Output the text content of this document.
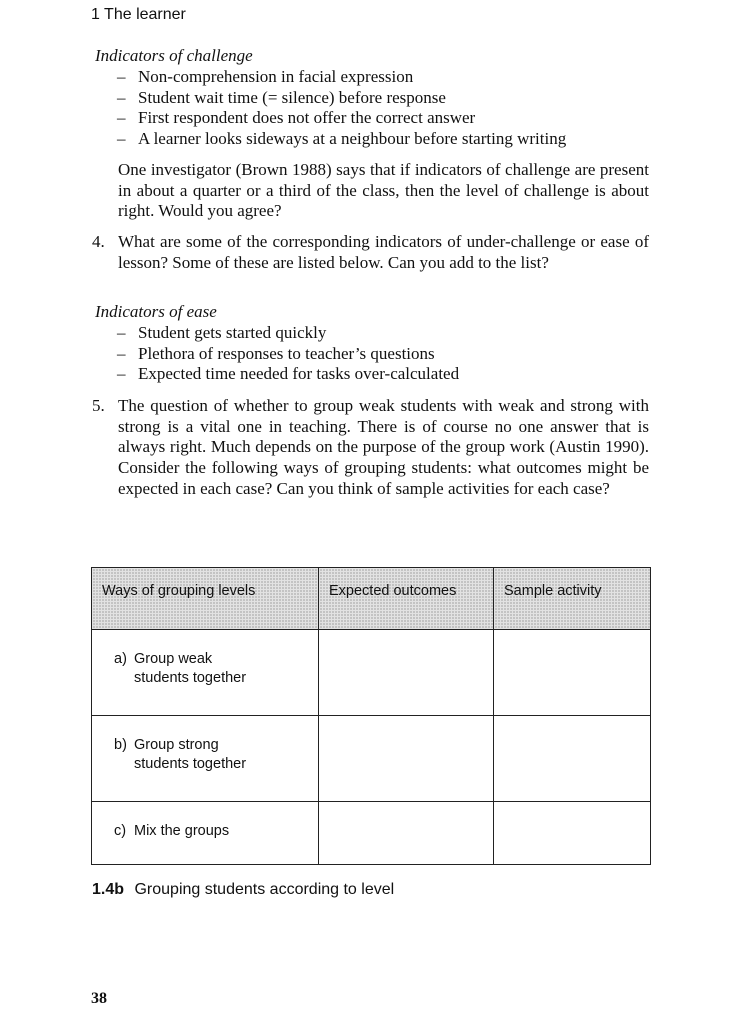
1 The learner
Indicators of challenge
– Non-comprehension in facial expression
– Student wait time (= silence) before response
– First respondent does not offer the correct answer
– A learner looks sideways at a neighbour before starting writing

One investigator (Brown 1988) says that if indicators of challenge are present in about a quarter or a third of the class, then the level of challenge is about right. Would you agree?

4. What are some of the corresponding indicators of under-challenge or ease of lesson? Some of these are listed below. Can you add to the list?
Indicators of ease
– Student gets started quickly
– Plethora of responses to teacher’s questions
– Expected time needed for tasks over-calculated
5. The question of whether to group weak students with weak and strong with strong is a vital one in teaching. There is of course no one answer that is always right. Much depends on the purpose of the group work (Austin 1990). Consider the following ways of grouping students: what outcomes might be expected in each case? Can you think of sample activities for each case?
Ways of grouping levels	Expected outcomes	Sample activity

a) Group weak
students together		

b) Group strong
students together		

c) Mix the groups		

1.4b Grouping students according to level
38
